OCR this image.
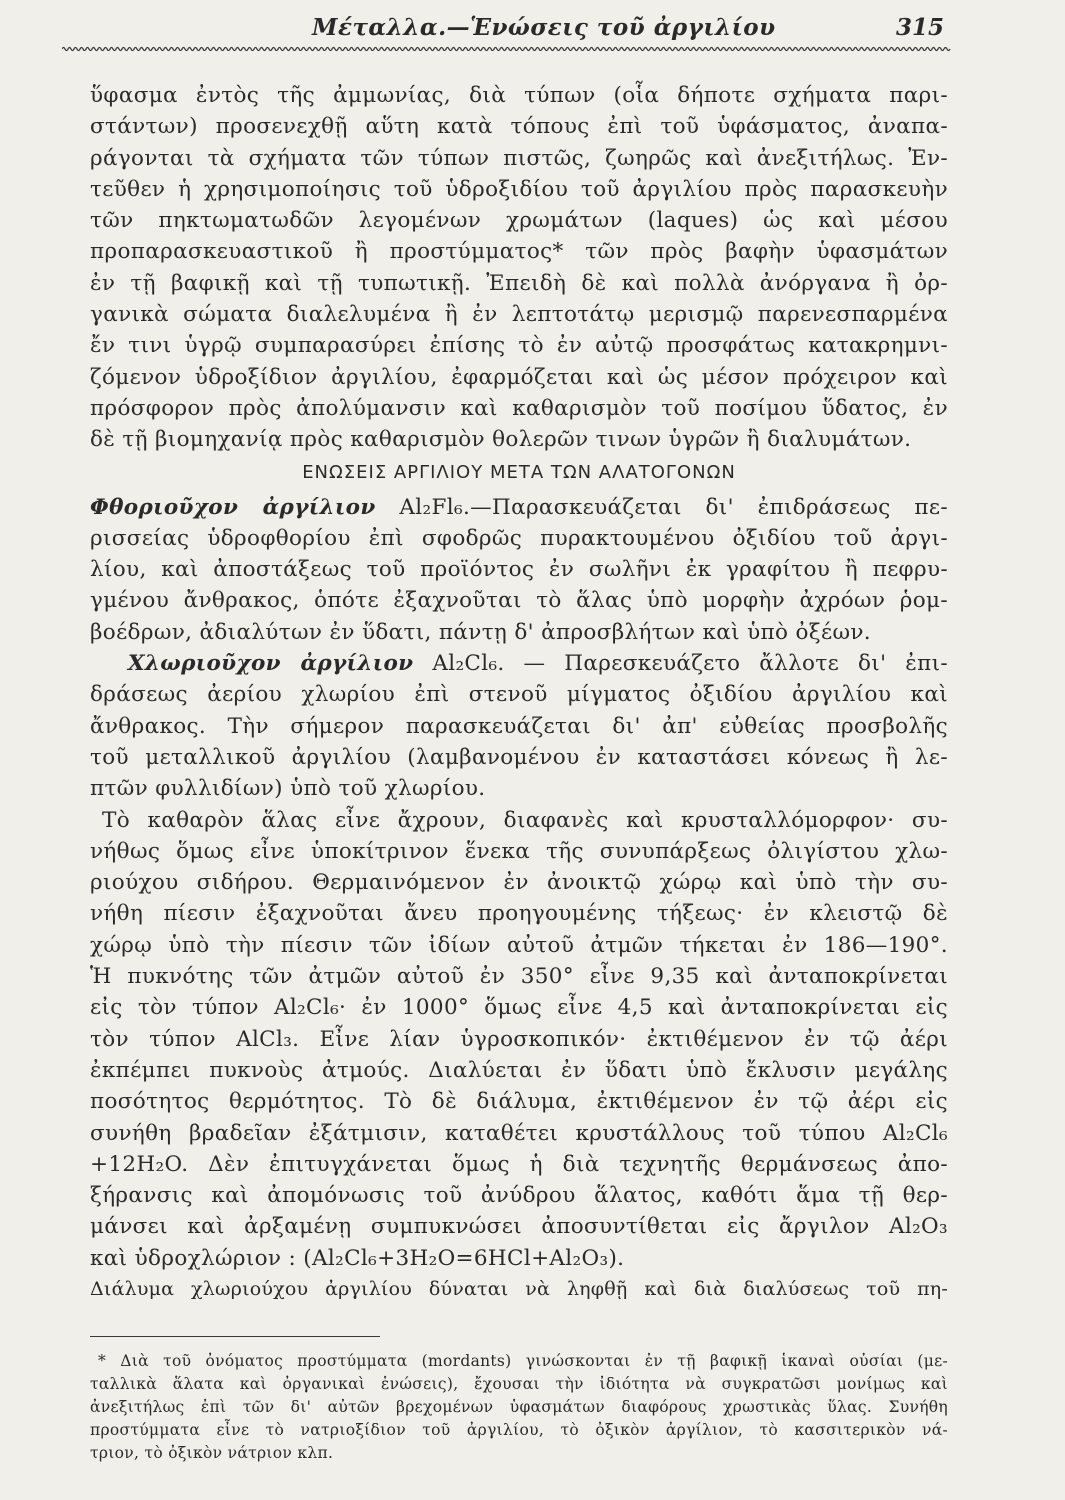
Μέταλλα.—Ἑνώσεις τοῦ ἀργιλίου	315

ὕφασμα ἐντὸς τῆς ἀμμωνίας, διὰ τύπων (οἷα δήποτε σχήματα παρι-

στάντων) προσενεχθῇ αὕτη κατὰ τόπους ἐπὶ τοῦ ὑφάσματος, ἀναπα-

ράγονται τὰ σχήματα τῶν τύπων πιστῶς, ζωηρῶς καὶ ἀνεξιτήλως. Ἐν-

τεῦθεν ἡ χρησιμοποίησις τοῦ ὑδροξιδίου τοῦ ἀργιλίου πρὸς παρασκευὴν

τῶν πηκτωματωδῶν λεγομένων χρωμάτων (laques) ὡς καὶ μέσου

προπαρασκευαστικοῦ ἢ προστύμματος* τῶν πρὸς βαφὴν ὑφασμάτων

ἐν τῇ βαφικῇ καὶ τῇ τυπωτικῇ. Ἐπειδὴ δὲ καὶ πολλὰ ἀνόργανα ἢ ὀρ-

γανικὰ σώματα διαλελυμένα ἢ ἐν λεπτοτάτῳ μερισμῷ παρενεσπαρμένα

ἔν τινι ὑγρῷ συμπαρασύρει ἐπίσης τὸ ἐν αὐτῷ προσφάτως κατακρημνι-

ζόμενον ὑδροξίδιον ἀργιλίου, ἐφαρμόζεται καὶ ὡς μέσον πρόχειρον καὶ

πρόσφορον πρὸς ἀπολύμανσιν καὶ καθαρισμὸν τοῦ ποσίμου ὕδατος, ἐν

δὲ τῇ βιομηχανίᾳ πρὸς καθαρισμὸν θολερῶν τινων ὑγρῶν ἢ διαλυμάτων.

ΕΝΩΣΕΙΣ ΑΡΓΙΛΙΟΥ ΜΕΤΑ ΤΩΝ ΑΛΑΤΟΓΟΝΩΝ

Φθοριοῦχον ἀργίλιον Al₂Fl₆.—Παρασκευάζεται δι' ἐπιδράσεως πε-

ρισσείας ὑδροφθορίου ἐπὶ σφοδρῶς πυρακτουμένου ὀξιδίου τοῦ ἀργι-

λίου, καὶ ἀποστάξεως τοῦ προϊόντος ἐν σωλῆνι ἐκ γραφίτου ἢ πεφρυ-

γμένου ἄνθρακος, ὁπότε ἐξαχνοῦται τὸ ἅλας ὑπὸ μορφὴν ἀχρόων ῥομ-

βοέδρων, ἀδιαλύτων ἐν ὕδατι, πάντῃ δ' ἀπροσβλήτων καὶ ὑπὸ ὀξέων.

Χλωριοῦχον ἀργίλιον Al₂Cl₆. — Παρεσκευάζετο ἄλλοτε δι' ἐπι-

δράσεως ἀερίου χλωρίου ἐπὶ στενοῦ μίγματος ὀξιδίου ἀργιλίου καὶ

ἄνθρακος. Τὴν σήμερον παρασκευάζεται δι' ἀπ' εὐθείας προσβολῆς

τοῦ μεταλλικοῦ ἀργιλίου (λαμβανομένου ἐν καταστάσει κόνεως ἢ λε-

πτῶν φυλλιδίων) ὑπὸ τοῦ χλωρίου.

Τὸ καθαρὸν ἅλας εἶνε ἄχρουν, διαφανὲς καὶ κρυσταλλόμορφον· συ-

νήθως ὅμως εἶνε ὑποκίτρινον ἕνεκα τῆς συνυπάρξεως ὀλιγίστου χλω-

ριούχου σιδήρου. Θερμαινόμενον ἐν ἀνοικτῷ χώρῳ καὶ ὑπὸ τὴν συ-

νήθη πίεσιν ἐξαχνοῦται ἄνευ προηγουμένης τήξεως· ἐν κλειστῷ δὲ

χώρῳ ὑπὸ τὴν πίεσιν τῶν ἰδίων αὐτοῦ ἀτμῶν τήκεται ἐν 186—190°.

Ἡ πυκνότης τῶν ἀτμῶν αὐτοῦ ἐν 350° εἶνε 9,35 καὶ ἀνταποκρίνεται

εἰς τὸν τύπον Al₂Cl₆· ἐν 1000° ὅμως εἶνε 4,5 καὶ ἀνταποκρίνεται εἰς

τὸν τύπον AlCl₃. Εἶνε λίαν ὑγροσκοπικόν· ἐκτιθέμενον ἐν τῷ ἀέρι

ἐκπέμπει πυκνοὺς ἀτμούς. Διαλύεται ἐν ὕδατι ὑπὸ ἔκλυσιν μεγάλης

ποσότητος θερμότητος. Τὸ δὲ διάλυμα, ἐκτιθέμενον ἐν τῷ ἀέρι εἰς

συνήθη βραδεῖαν ἐξάτμισιν, καταθέτει κρυστάλλους τοῦ τύπου Al₂Cl₆

+12H₂O. Δὲν ἐπιτυγχάνεται ὅμως ἡ διὰ τεχνητῆς θερμάνσεως ἀπο-

ξήρανσις καὶ ἀπομόνωσις τοῦ ἀνύδρου ἅλατος, καθότι ἅμα τῇ θερ-

μάνσει καὶ ἀρξαμένῃ συμπυκνώσει ἀποσυντίθεται εἰς ἄργιλον Al₂O₃

καὶ ὑδροχλώριον : (Al₂Cl₆+3H₂O=6HCl+Al₂O₃).

Διάλυμα χλωριούχου ἀργιλίου δύναται νὰ ληφθῇ καὶ διὰ διαλύσεως τοῦ πη-

* Διὰ τοῦ ὀνόματος προστύμματα (mordants) γινώσκονται ἐν τῇ βαφικῇ ἱκαναὶ οὐσίαι (με-

ταλλικὰ ἅλατα καὶ ὀργανικαὶ ἑνώσεις), ἔχουσαι τὴν ἰδιότητα νὰ συγκρατῶσι μονίμως καὶ

ἀνεξιτήλως ἐπὶ τῶν δι' αὐτῶν βρεχομένων ὑφασμάτων διαφόρους χρωστικὰς ὕλας. Συνήθη

προστύμματα εἶνε τὸ νατριοξίδιον τοῦ ἀργιλίου, τὸ ὀξικὸν ἀργίλιον, τὸ κασσιτερικὸν νά-

τριον, τὸ ὀξικὸν νάτριον κλπ.
